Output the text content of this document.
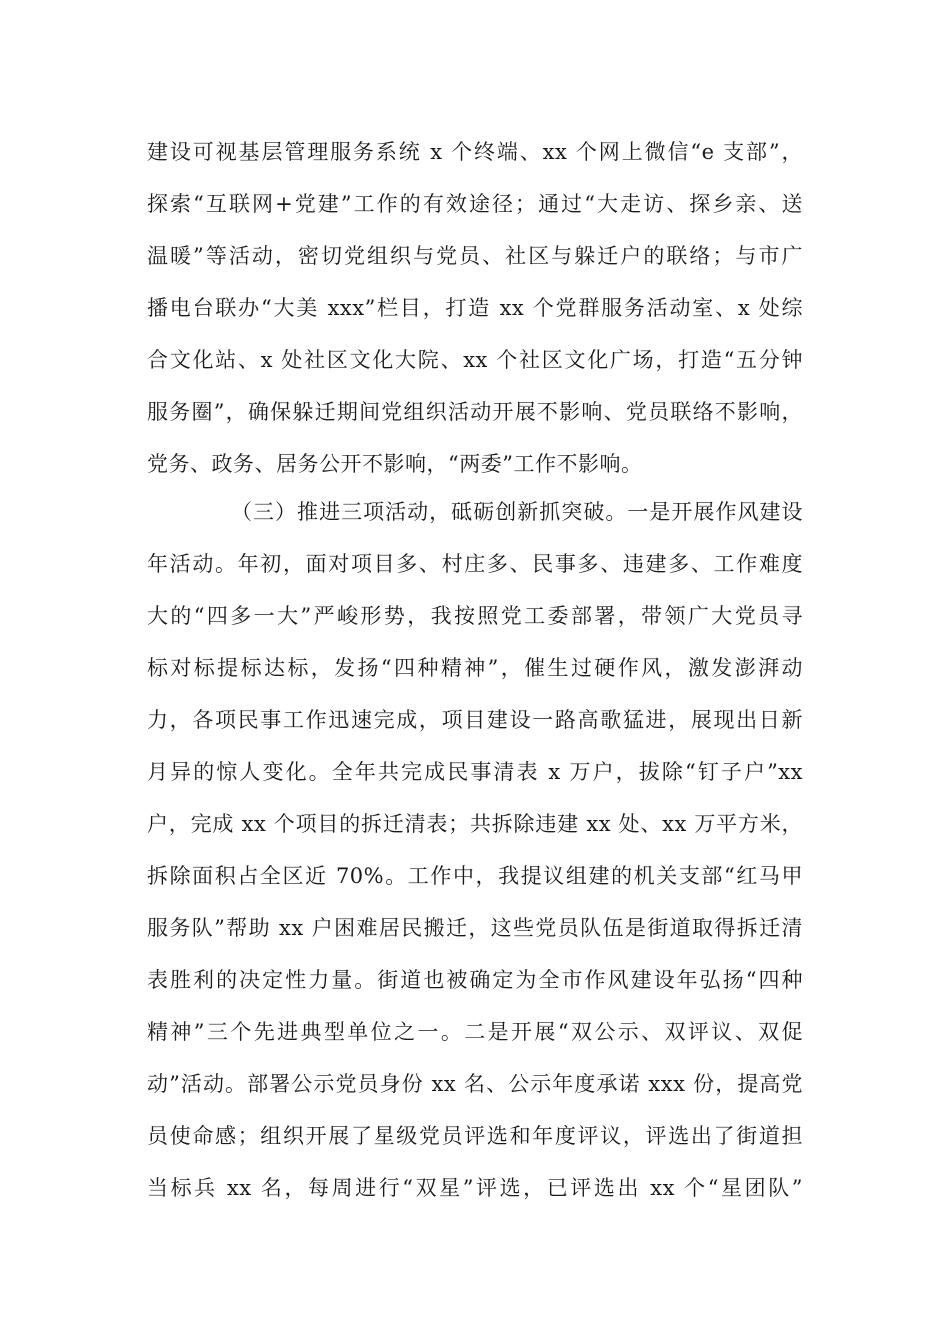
建设可视基层管理服务系统 x 个终端、xx 个网上微信“e 支部”，
探索“互联网+党建”工作的有效途径；通过“大走访、探乡亲、送
温暖”等活动，密切党组织与党员、社区与躲迁户的联络；与市广
播电台联办“大美 xxx”栏目，打造 xx 个党群服务活动室、x 处综
合文化站、x 处社区文化大院、xx 个社区文化广场，打造“五分钟
服务圈”，确保躲迁期间党组织活动开展不影响、党员联络不影响，
党务、政务、居务公开不影响，“两委”工作不影响。
（三）推进三项活动，砥砺创新抓突破。一是开展作风建设
年活动。年初，面对项目多、村庄多、民事多、违建多、工作难度
大的“四多一大”严峻形势，我按照党工委部署，带领广大党员寻
标对标提标达标，发扬“四种精神”，催生过硬作风，激发澎湃动
力，各项民事工作迅速完成，项目建设一路高歌猛进，展现出日新
月异的惊人变化。全年共完成民事清表 x 万户，拔除“钉子户”xx
户，完成 xx 个项目的拆迁清表；共拆除违建 xx 处、xx 万平方米，
拆除面积占全区近 70%。工作中，我提议组建的机关支部“红马甲
服务队”帮助 xx 户困难居民搬迁，这些党员队伍是街道取得拆迁清
表胜利的决定性力量。街道也被确定为全市作风建设年弘扬“四种
精神”三个先进典型单位之一。二是开展“双公示、双评议、双促
动”活动。部署公示党员身份 xx 名、公示年度承诺 xxx 份，提高党
员使命感；组织开展了星级党员评选和年度评议，评选出了街道担
当标兵 xx 名，每周进行“双星”评选，已评选出 xx 个“星团队”
